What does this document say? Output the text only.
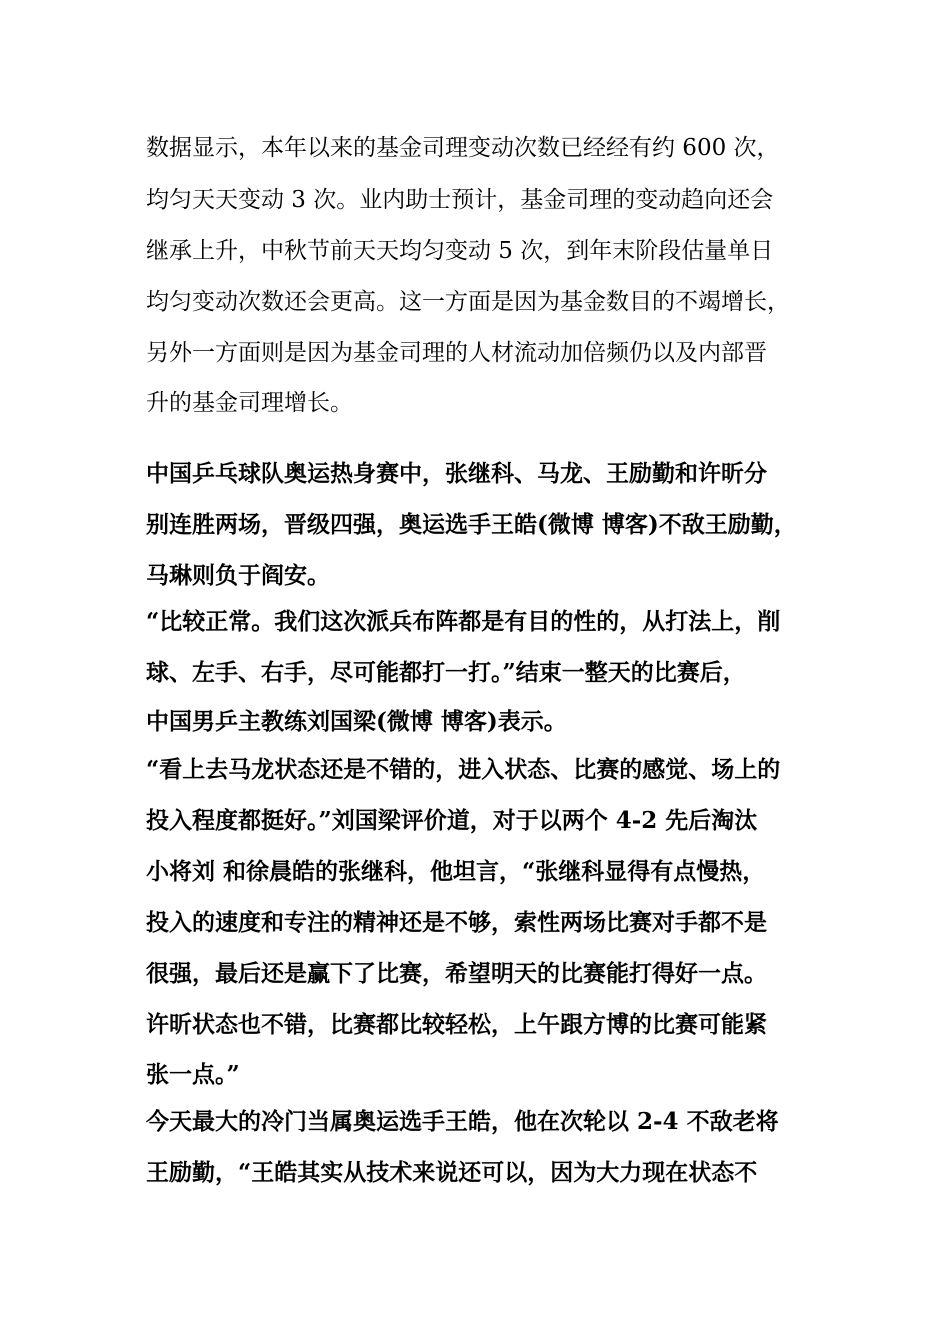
数据显示，本年以来的基金司理变动次数已经经有约 600 次，
均匀天天变动 3 次。业内助士预计，基金司理的变动趋向还会
继承上升，中秋节前天天均匀变动 5 次，到年末阶段估量单日
均匀变动次数还会更高。这一方面是因为基金数目的不竭增长，
另外一方面则是因为基金司理的人材流动加倍频仍以及内部晋
升的基金司理增长。
中国乒乓球队奥运热身赛中，张继科、马龙、王励勤和许昕分
别连胜两场，晋级四强，奥运选手王皓(微博 博客)不敌王励勤，
马琳则负于阎安。
“比较正常。我们这次派兵布阵都是有目的性的，从打法上，削
球、左手、右手，尽可能都打一打。”结束一整天的比赛后，
中国男乒主教练刘国梁(微博 博客)表示。
“看上去马龙状态还是不错的，进入状态、比赛的感觉、场上的
投入程度都挺好。”刘国梁评价道，对于以两个 4-2 先后淘汰
小将刘 和徐晨皓的张继科，他坦言，“张继科显得有点慢热，
投入的速度和专注的精神还是不够，索性两场比赛对手都不是
很强，最后还是赢下了比赛，希望明天的比赛能打得好一点。
许昕状态也不错，比赛都比较轻松，上午跟方博的比赛可能紧
张一点。”
今天最大的冷门当属奥运选手王皓，他在次轮以 2-4 不敌老将
王励勤，“王皓其实从技术来说还可以，因为大力现在状态不
